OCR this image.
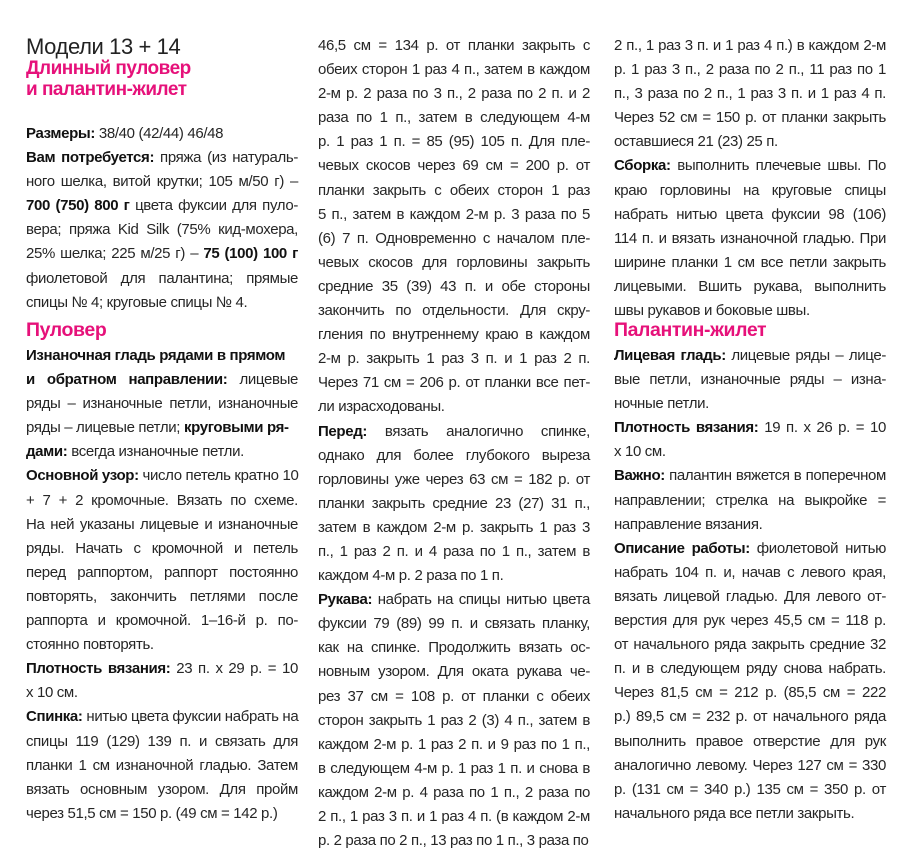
Модели 13 + 14
Длинный пуловер
и палантин-жилет
Размеры: 38/40 (42/44) 46/48
Вам потребуется: пряжа (из натураль-
ного шелка, витой крутки; 105 м/50 г) –
700 (750) 800 г цвета фуксии для пуло-
вера; пряжа Kid Silk (75% кид-мохера,
25% шелка; 225 м/25 г) – 75 (100) 100 г
фиолетовой для палантина; прямые
спицы № 4; круговые спицы № 4.
Пуловер
Изнаночная гладь рядами в прямом
и обратном направлении: лицевые
ряды – изнаночные петли, изнаночные
ряды – лицевые петли; круговыми ря-
дами: всегда изнаночные петли.
Основной узор: число петель кратно 10
+ 7 + 2 кромочные. Вязать по схеме.
На ней указаны лицевые и изнаночные
ряды. Начать с кромочной и петель
перед раппортом, раппорт постоянно
повторять, закончить петлями после
раппорта и кромочной. 1–16-й р. по-
стоянно повторять.
Плотность вязания: 23 п. х 29 р. = 10
х 10 см.
Спинка: нитью цвета фуксии набрать на
спицы 119 (129) 139 п. и связать для
планки 1 см изнаночной гладью. Затем
вязать основным узором. Для пройм
через 51,5 см = 150 р. (49 см = 142 р.)
46,5 см = 134 р. от планки закрыть с
обеих сторон 1 раз 4 п., затем в каждом
2-м р. 2 раза по 3 п., 2 раза по 2 п. и 2
раза по 1 п., затем в следующем 4-м
р. 1 раз 1 п. = 85 (95) 105 п. Для пле-
чевых скосов через 69 см = 200 р. от
планки закрыть с обеих сторон 1 раз
5 п., затем в каждом 2-м р. 3 раза по 5
(6) 7 п. Одновременно с началом пле-
чевых скосов для горловины закрыть
средние 35 (39) 43 п. и обе стороны
закончить по отдельности. Для скру-
гления по внутреннему краю в каждом
2-м р. закрыть 1 раз 3 п. и 1 раз 2 п.
Через 71 см = 206 р. от планки все пет-
ли израсходованы.
Перед: вязать аналогично спинке,
однако для более глубокого выреза
горловины уже через 63 см = 182 р. от
планки закрыть средние 23 (27) 31 п.,
затем в каждом 2-м р. закрыть 1 раз 3
п., 1 раз 2 п. и 4 раза по 1 п., затем в
каждом 4-м р. 2 раза по 1 п.
Рукава: набрать на спицы нитью цвета
фуксии 79 (89) 99 п. и связать планку,
как на спинке. Продолжить вязать ос-
новным узором. Для оката рукава че-
рез 37 см = 108 р. от планки с обеих
сторон закрыть 1 раз 2 (3) 4 п., затем в
каждом 2-м р. 1 раз 2 п. и 9 раз по 1 п.,
в следующем 4-м р. 1 раз 1 п. и снова в
каждом 2-м р. 4 раза по 1 п., 2 раза по
2 п., 1 раз 3 п. и 1 раз 4 п. (в каждом 2-м
р. 2 раза по 2 п., 13 раз по 1 п., 3 раза по
2 п., 1 раз 3 п. и 1 раз 4 п.) в каждом 2-м
р. 1 раз 3 п., 2 раза по 2 п., 11 раз по 1
п., 3 раза по 2 п., 1 раз 3 п. и 1 раз 4 п.
Через 52 см = 150 р. от планки закрыть
оставшиеся 21 (23) 25 п.
Сборка: выполнить плечевые швы. По
краю горловины на круговые спицы
набрать нитью цвета фуксии 98 (106)
114 п. и вязать изнаночной гладью. При
ширине планки 1 см все петли закрыть
лицевыми. Вшить рукава, выполнить
швы рукавов и боковые швы.
Палантин-жилет
Лицевая гладь: лицевые ряды – лице-
вые петли, изнаночные ряды – изна-
ночные петли.
Плотность вязания: 19 п. х 26 р. = 10
х 10 см.
Важно: палантин вяжется в поперечном
направлении; стрелка на выкройке =
направление вязания.
Описание работы: фиолетовой нитью
набрать 104 п. и, начав с левого края,
вязать лицевой гладью. Для левого от-
верстия для рук через 45,5 см = 118 р.
от начального ряда закрыть средние 32
п. и в следующем ряду снова набрать.
Через 81,5 см = 212 р. (85,5 см = 222
р.) 89,5 см = 232 р. от начального ряда
выполнить правое отверстие для рук
аналогично левому. Через 127 см = 330
р. (131 см = 340 р.) 135 см = 350 р. от
начального ряда все петли закрыть.
